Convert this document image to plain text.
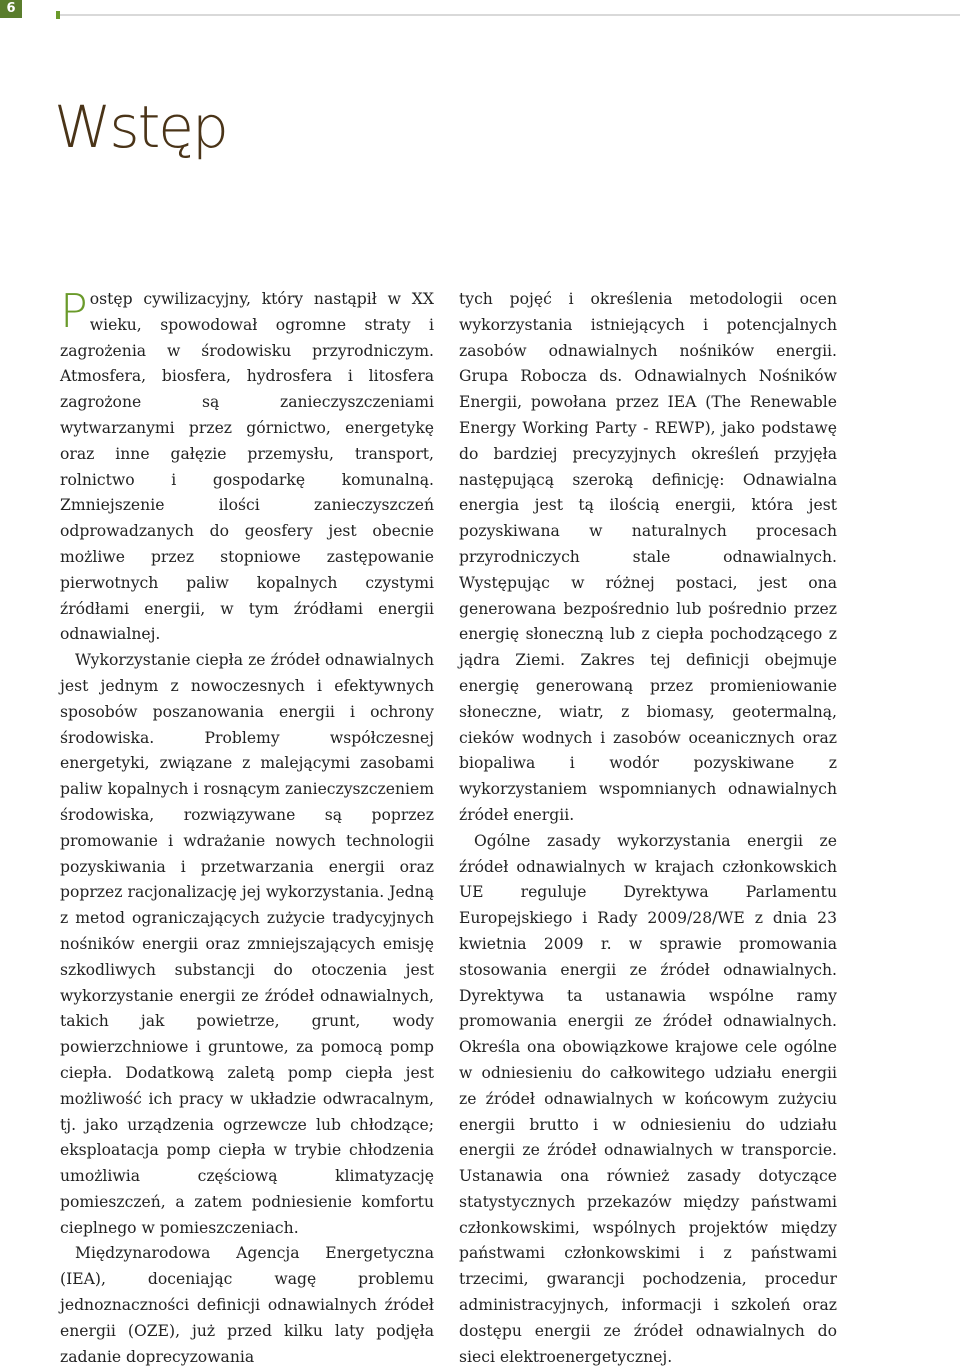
6
Wstęp

Postęp cywilizacyjny, który nastąpił w XX wieku, spowodował ogromne straty i zagrożenia w środowisku przyrodniczym. Atmosfera, biosfera, hydrosfera i litosfera zagrożone są zanieczyszczeniami wytwarzanymi przez górnictwo, energetykę oraz inne gałęzie przemysłu, transport, rolnictwo i gospodarkę komunalną. Zmniejszenie ilości zanieczyszczeń odprowadzanych do geosfery jest obecnie możliwe przez stopniowe zastępowanie pierwotnych paliw kopalnych czystymi źródłami energii, w tym źródłami energii odnawialnej.

Wykorzystanie ciepła ze źródeł odnawialnych jest jednym z nowoczesnych i efektywnych sposobów poszanowania energii i ochrony środowiska. Problemy współczesnej energetyki, związane z malejącymi zasobami paliw kopalnych i rosnącym zanieczyszczeniem środowiska, rozwiązywane są poprzez promowanie i wdrażanie nowych technologii pozyskiwania i przetwarzania energii oraz poprzez racjonalizację jej wykorzystania. Jedną z metod ograniczających zużycie tradycyjnych nośników energii oraz zmniejszających emisję szkodliwych substancji do otoczenia jest wykorzystanie energii ze źródeł odnawialnych, takich jak powietrze, grunt, wody powierzchniowe i gruntowe, za pomocą pomp ciepła. Dodatkową zaletą pomp ciepła jest możliwość ich pracy w układzie odwracalnym, tj. jako urządzenia ogrzewcze lub chłodzące; eksploatacja pomp ciepła w trybie chłodzenia umożliwia częściową klimatyzację pomieszczeń, a zatem podniesienie komfortu cieplnego w pomieszczeniach.

Międzynarodowa Agencja Energetyczna (IEA), doceniając wagę problemu jednoznaczności definicji odnawialnych źródeł energii (OZE), już przed kilku laty podjęła zadanie doprecyzowania

tych pojęć i określenia metodologii ocen wykorzystania istniejących i potencjalnych zasobów odnawialnych nośników energii. Grupa Robocza ds. Odnawialnych Nośników Energii, powołana przez IEA (The Renewable Energy Working Party - REWP), jako podstawę do bardziej precyzyjnych określeń przyjęła następującą szeroką definicję: Odnawialna energia jest tą ilością energii, która jest pozyskiwana w naturalnych procesach przyrodniczych stale odnawialnych. Występując w różnej postaci, jest ona generowana bezpośrednio lub pośrednio przez energię słoneczną lub z ciepła pochodzącego z jądra Ziemi. Zakres tej definicji obejmuje energię generowaną przez promieniowanie słoneczne, wiatr, z biomasy, geotermalną, cieków wodnych i zasobów oceanicznych oraz biopaliwa i wodór pozyskiwane z wykorzystaniem wspomnianych odnawialnych źródeł energii.

Ogólne zasady wykorzystania energii ze źródeł odnawialnych w krajach członkowskich UE reguluje Dyrektywa Parlamentu Europejskiego i Rady 2009/28/WE z dnia 23 kwietnia 2009 r. w sprawie promowania stosowania energii ze źródeł odnawialnych. Dyrektywa ta ustanawia wspólne ramy promowania energii ze źródeł odnawialnych. Określa ona obowiązkowe krajowe cele ogólne w odniesieniu do całkowitego udziału energii ze źródeł odnawialnych w końcowym zużyciu energii brutto i w odniesieniu do udziału energii ze źródeł odnawialnych w transporcie. Ustanawia ona również zasady dotyczące statystycznych przekazów między państwami członkowskimi, wspólnych projektów między państwami członkowskimi i z państwami trzecimi, gwarancji pochodzenia, procedur administracyjnych, informacji i szkoleń oraz dostępu energii ze źródeł odnawialnych do sieci elektroenergetycznej.
